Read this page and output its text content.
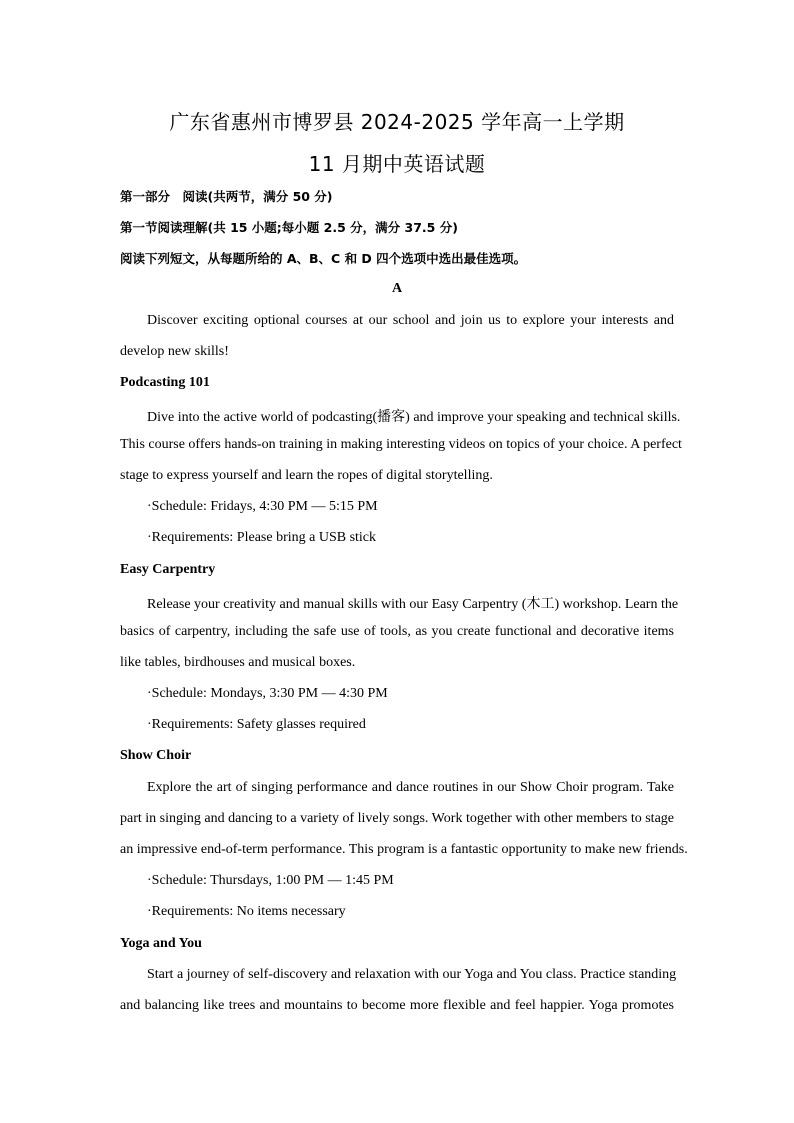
广东省惠州市博罗县 2024-2025 学年高一上学期
11 月期中英语试题
第一部分　阅读(共两节，满分 50 分)
第一节阅读理解(共 15 小题;每小题 2.5 分，满分 37.5 分)
阅读下列短文，从每题所给的 A、B、C 和 D 四个选项中选出最佳选项。
A
Discover exciting optional courses at our school and join us to explore your interests and
develop new skills!
Podcasting 101
Dive into the active world of podcasting(播客) and improve your speaking and technical skills.
This course offers hands-on training in making interesting videos on topics of your choice. A perfect
stage to express yourself and learn the ropes of digital storytelling.
·Schedule: Fridays, 4:30 PM — 5:15 PM
·Requirements: Please bring a USB stick
Easy Carpentry
Release your creativity and manual skills with our Easy Carpentry (木工) workshop. Learn the
basics of carpentry, including the safe use of tools, as you create functional and decorative items
like tables, birdhouses and musical boxes.
·Schedule: Mondays, 3:30 PM — 4:30 PM
·Requirements: Safety glasses required
Show Choir
Explore the art of singing performance and dance routines in our Show Choir program. Take
part in singing and dancing to a variety of lively songs. Work together with other members to stage
an impressive end-of-term performance. This program is a fantastic opportunity to make new friends.
·Schedule: Thursdays, 1:00 PM — 1:45 PM
·Requirements: No items necessary
Yoga and You
Start a journey of self-discovery and relaxation with our Yoga and You class. Practice standing
and balancing like trees and mountains to become more flexible and feel happier. Yoga promotes
